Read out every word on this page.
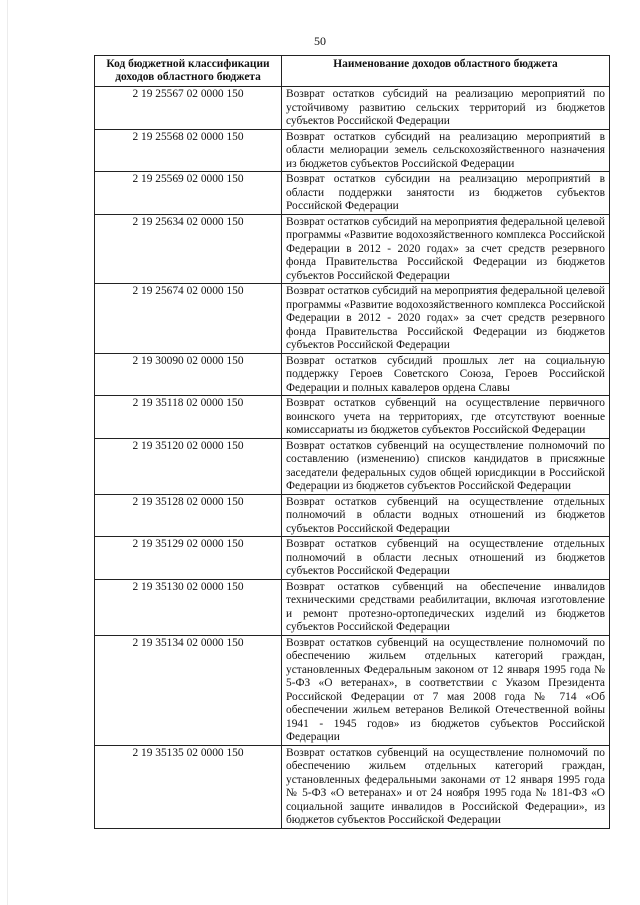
50
Код бюджетной классификации доходов областного бюджета	Наименование доходов областного бюджета
2 19 25567 02 0000 150	Возврат остатков субсидий на реализацию мероприятий по устойчивому развитию сельских территорий из бюджетов субъектов Российской Федерации
2 19 25568 02 0000 150	Возврат остатков субсидий на реализацию мероприятий в области мелиорации земель сельскохозяйственного назначения из бюджетов субъектов Российской Федерации
2 19 25569 02 0000 150	Возврат остатков субсидии на реализацию мероприятий в области поддержки занятости из бюджетов субъектов Российской Федерации
2 19 25634 02 0000 150	Возврат остатков субсидий на мероприятия федеральной целевой программы «Развитие водохозяйственного комплекса Российской Федерации в 2012 - 2020 годах» за счет средств резервного фонда Правительства Российской Федерации из бюджетов субъектов Российской Федерации
2 19 25674 02 0000 150	Возврат остатков субсидий на мероприятия федеральной целевой программы «Развитие водохозяйственного комплекса Российской Федерации в 2012 - 2020 годах» за счет средств резервного фонда Правительства Российской Федерации из бюджетов субъектов Российской Федерации
2 19 30090 02 0000 150	Возврат остатков субсидий прошлых лет на социальную поддержку Героев Советского Союза, Героев Российской Федерации и полных кавалеров ордена Славы
2 19 35118 02 0000 150	Возврат остатков субвенций на осуществление первичного воинского учета на территориях, где отсутствуют военные комиссариаты из бюджетов субъектов Российской Федерации
2 19 35120 02 0000 150	Возврат остатков субвенций на осуществление полномочий по составлению (изменению) списков кандидатов в присяжные заседатели федеральных судов общей юрисдикции в Российской Федерации из бюджетов субъектов Российской Федерации
2 19 35128 02 0000 150	Возврат остатков субвенций на осуществление отдельных полномочий в области водных отношений из бюджетов субъектов Российской Федерации
2 19 35129 02 0000 150	Возврат остатков субвенций на осуществление отдельных полномочий в области лесных отношений из бюджетов субъектов Российской Федерации
2 19 35130 02 0000 150	Возврат остатков субвенций на обеспечение инвалидов техническими средствами реабилитации, включая изготовление и ремонт протезно-ортопедических изделий из бюджетов субъектов Российской Федерации
2 19 35134 02 0000 150	Возврат остатков субвенций на осуществление полномочий по обеспечению жильем отдельных категорий граждан, установленных Федеральным законом от 12 января 1995 года № 5-ФЗ «О ветеранах», в соответствии с Указом Президента Российской Федерации от 7 мая 2008 года № 714 «Об обеспечении жильем ветеранов Великой Отечественной войны 1941 - 1945 годов» из бюджетов субъектов Российской Федерации
2 19 35135 02 0000 150	Возврат остатков субвенций на осуществление полномочий по обеспечению жильем отдельных категорий граждан, установленных федеральными законами от 12 января 1995 года № 5-ФЗ «О ветеранах» и от 24 ноября 1995 года № 181-ФЗ «О социальной защите инвалидов в Российской Федерации», из бюджетов субъектов Российской Федерации
